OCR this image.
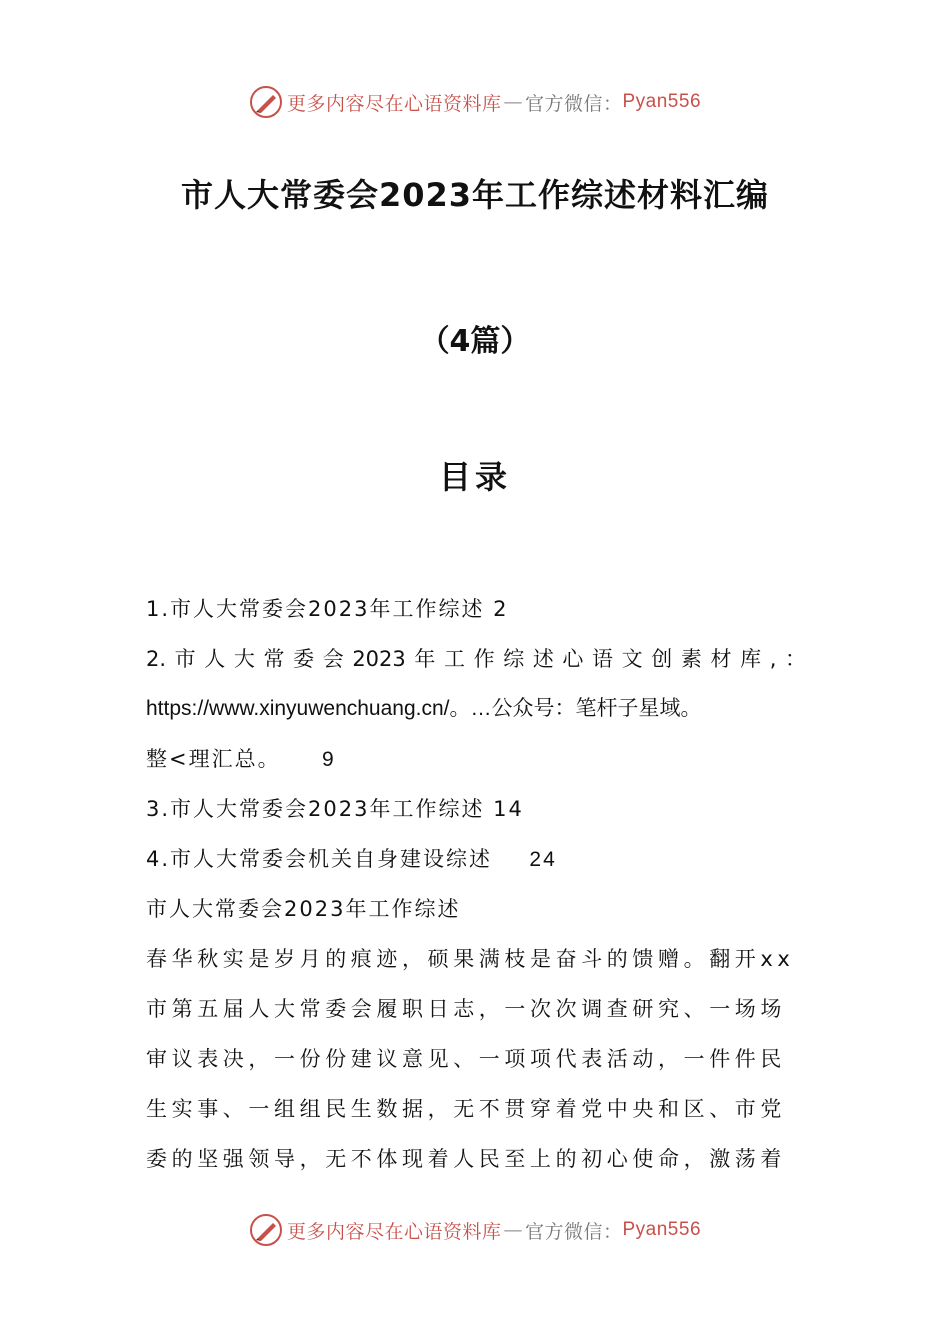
更多内容尽在心语资料库 — 官方微信： Pyan556
市人大常委会2023年工作综述材料汇编
（4篇）
目录
1.市人大常委会2023年工作综述 2
2. 市 人 大 常 委 会 2023 年 工 作 综 述 心 语 文 创 素 材 库 , ：
https://www.xinyuwenchuang.cn/。…公众号：笔杆子星域。
整<理汇总。 9
3.市人大常委会2023年工作综述 14
4.市人大常委会机关自身建设综述 24
市人大常委会2023年工作综述
春华秋实是岁月的痕迹，硕果满枝是奋斗的馈赠。翻开xx
市第五届人大常委会履职日志，一次次调查研究、一场场
审议表决，一份份建议意见、一项项代表活动，一件件民
生实事、一组组民生数据，无不贯穿着党中央和区、市党
委的坚强领导，无不体现着人民至上的初心使命，激荡着
更多内容尽在心语资料库 — 官方微信： Pyan556
